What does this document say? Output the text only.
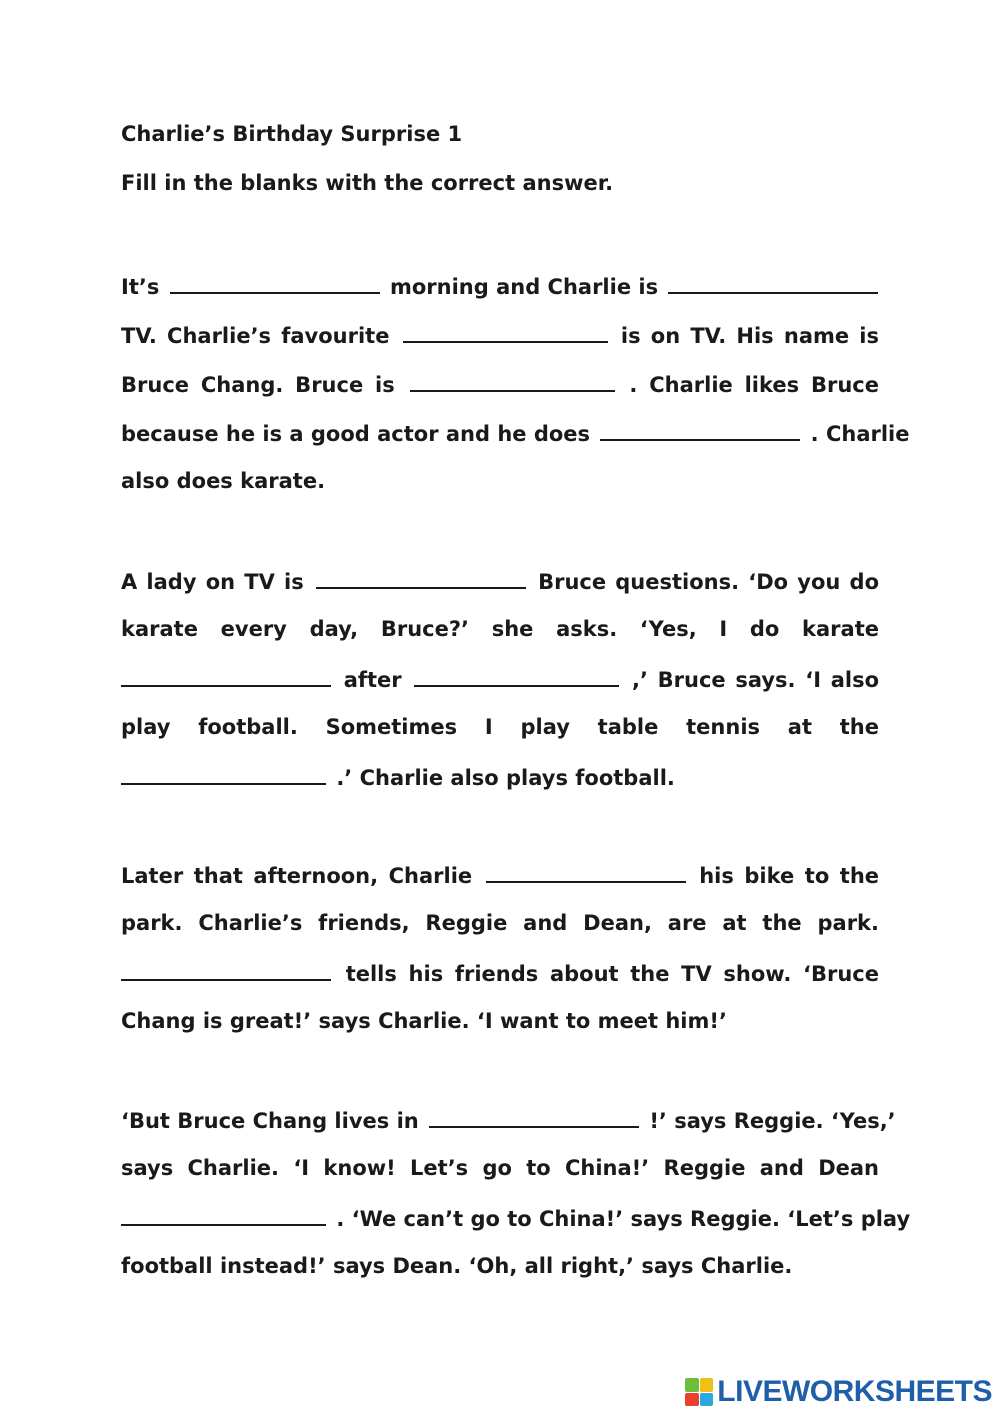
Charlie’s Birthday Surprise 1
Fill in the blanks with the correct answer.
It’s	morning and Charlie is
TV. Charlie’s favourite	is on TV. His name is
Bruce Chang. Bruce is	. Charlie likes Bruce
because he is a good actor and he does	. Charlie
also does karate.
A lady on TV is	Bruce questions. ‘Do you do
karate every day, Bruce?’ she asks. ‘Yes, I do karate
after	,’ Bruce says. ‘I also
play football. Sometimes I play table tennis at the
.’ Charlie also plays football.
Later that afternoon, Charlie	his bike to the
park. Charlie’s friends, Reggie and Dean, are at the park.
tells his friends about the TV show. ‘Bruce
Chang is great!’ says Charlie. ‘I want to meet him!’
‘But Bruce Chang lives in	!’ says Reggie. ‘Yes,’
says Charlie. ‘I know! Let’s go to China!’ Reggie and Dean
. ‘We can’t go to China!’ says Reggie. ‘Let’s play
football instead!’ says Dean. ‘Oh, all right,’ says Charlie.
LIVEWORKSHEETS
